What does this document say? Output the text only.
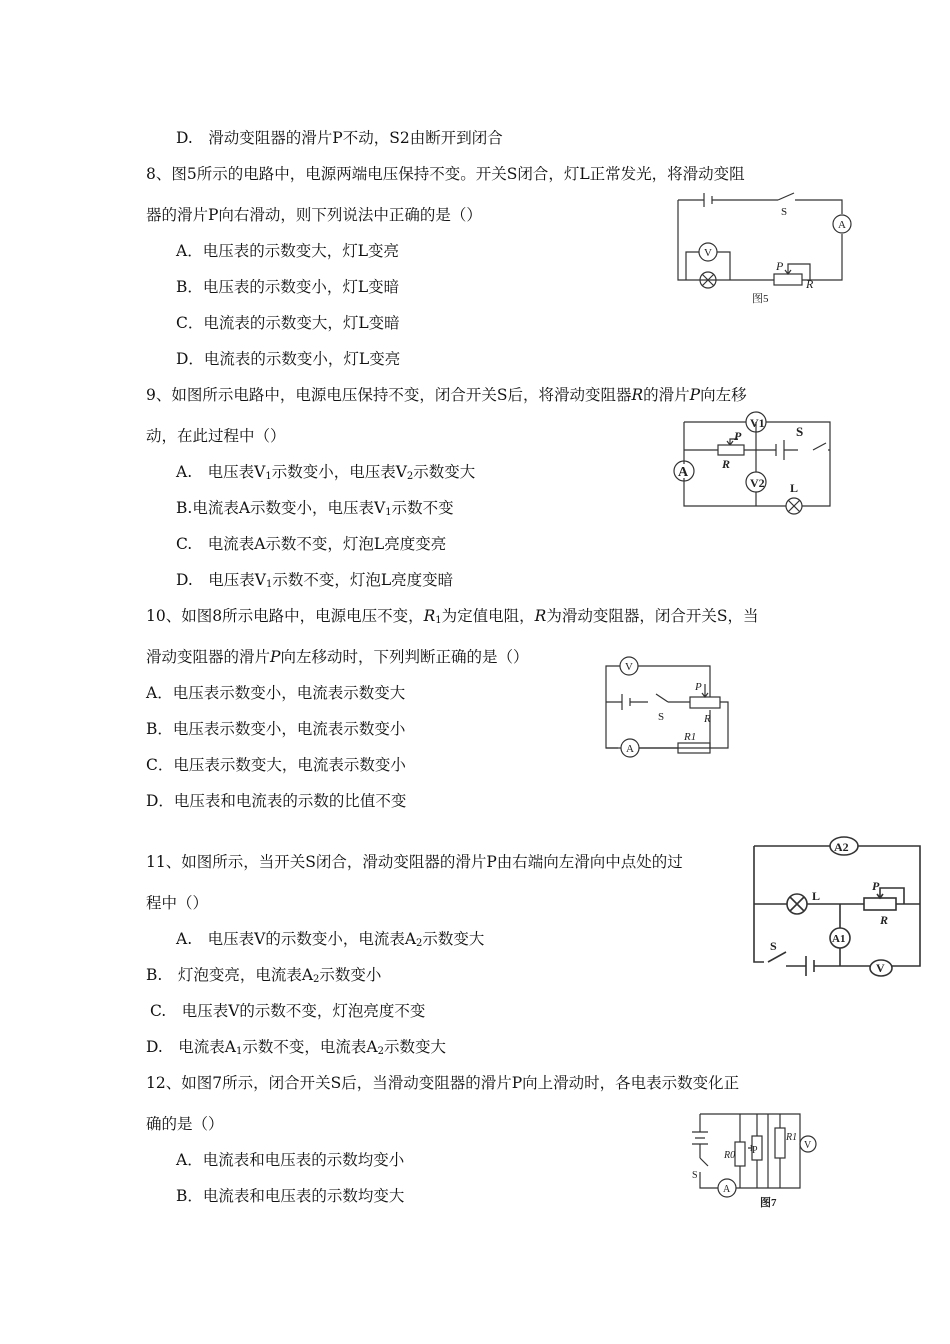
D.　滑动变阻器的滑片P不动，S2由断开到闭合
8、图5所示的电路中，电源两端电压保持不变。开关S闭合，灯L正常发光，将滑动变阻
器的滑片P向右滑动，则下列说法中正确的是（）
A．电压表的示数变大，灯L变亮
B．电压表的示数变小，灯L变暗
C．电流表的示数变大，灯L变暗
D．电流表的示数变小，灯L变亮
S
A
V
P
R
图5
9、如图所示电路中，电源电压保持不变，闭合开关S后，将滑动变阻器R的滑片P向左移
动，在此过程中（）
A.　电压表$V_1$示数变小，电压表$V_2$示数变大
B.电流表A示数变小，电压表$V_1$示数不变
C.　电流表A示数不变，灯泡L亮度变亮
D.　电压表$V_1$示数不变，灯泡L亮度变暗
V1
A
P
R
S
V2 L
10、如图8所示电路中，电源电压不变，$R_1$为定值电阻，R为滑动变阻器，闭合开关S，当
滑动变阻器的滑片P向左移动时，下列判断正确的是（）
A．电压表示数变小，电流表示数变大
B．电压表示数变小，电流表示数变小
C．电压表示数变大，电流表示数变小
D．电压表和电流表的示数的比值不变
V
A
S
P
R
R1
11、如图所示，当开关S闭合，滑动变阻器的滑片P由右端向左滑向中点处的过
程中（）
A.　电压表V的示数变小，电流表$A_2$示数变大
B.　灯泡变亮，电流表$A_2$示数变小
C.　电压表V的示数不变，灯泡亮度不变
D.　电流表$A_1$示数不变，电流表$A_2$示数变大
A2
L
P
R
A1
S
V
12、如图7所示，闭合开关S后，当滑动变阻器的滑片P向上滑动时，各电表示数变化正
确的是（）
A．电流表和电压表的示数均变小
B．电流表和电压表的示数均变大
S
A
V
R0 P
R1
图7
